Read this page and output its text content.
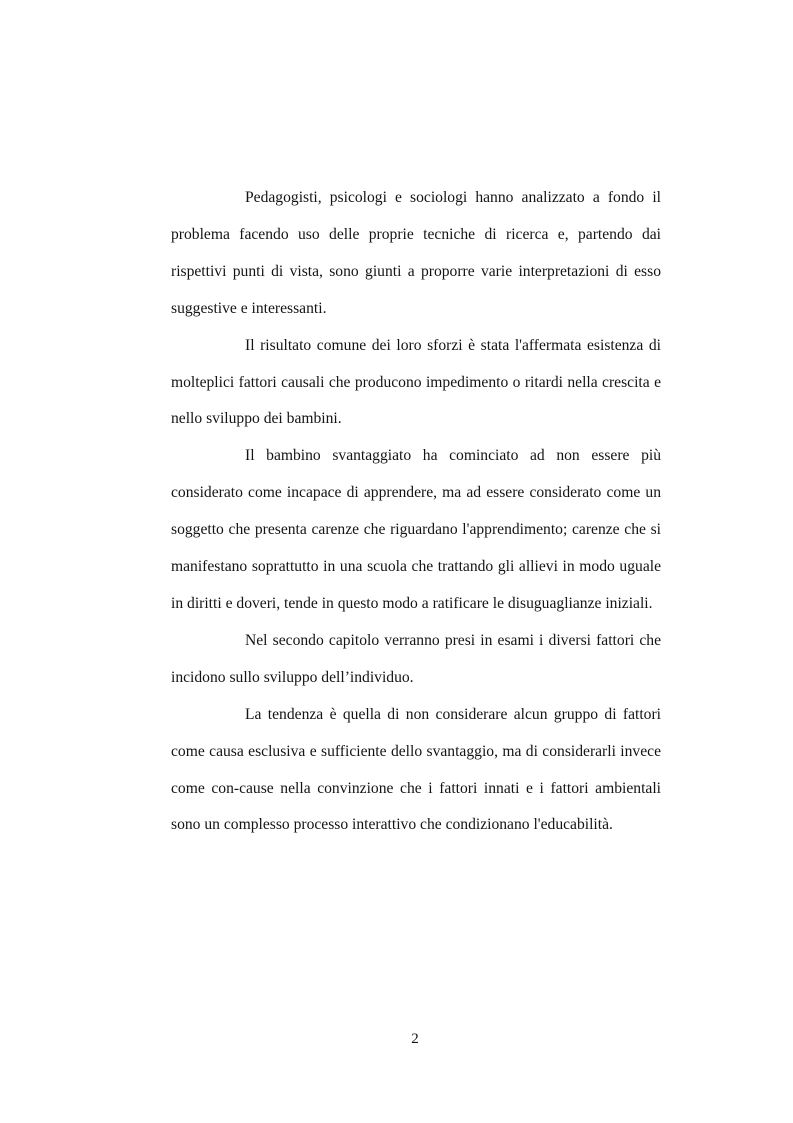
Pedagogisti, psicologi e sociologi hanno analizzato a fondo il problema facendo uso delle proprie tecniche di ricerca e, partendo dai rispettivi punti di vista, sono giunti a proporre varie interpretazioni di esso suggestive e interessanti.

Il risultato comune dei loro sforzi è stata l'affermata esistenza di molteplici fattori causali che producono impedimento o ritardi nella crescita e nello sviluppo dei bambini.

Il bambino svantaggiato ha cominciato ad non essere più considerato come incapace di apprendere, ma ad essere considerato come un soggetto che presenta carenze che riguardano l'apprendimento; carenze che si manifestano soprattutto in una scuola che trattando gli allievi in modo uguale in diritti e doveri, tende in questo modo a ratificare le disuguaglianze iniziali.

Nel secondo capitolo verranno presi in esami i diversi fattori che incidono sullo sviluppo dell’individuo.

La tendenza è quella di non considerare alcun gruppo di fattori come causa esclusiva e sufficiente dello svantaggio, ma di considerarli invece come con-cause nella convinzione che i fattori innati e i fattori ambientali sono un complesso processo interattivo che condizionano l'educabilità.

2
